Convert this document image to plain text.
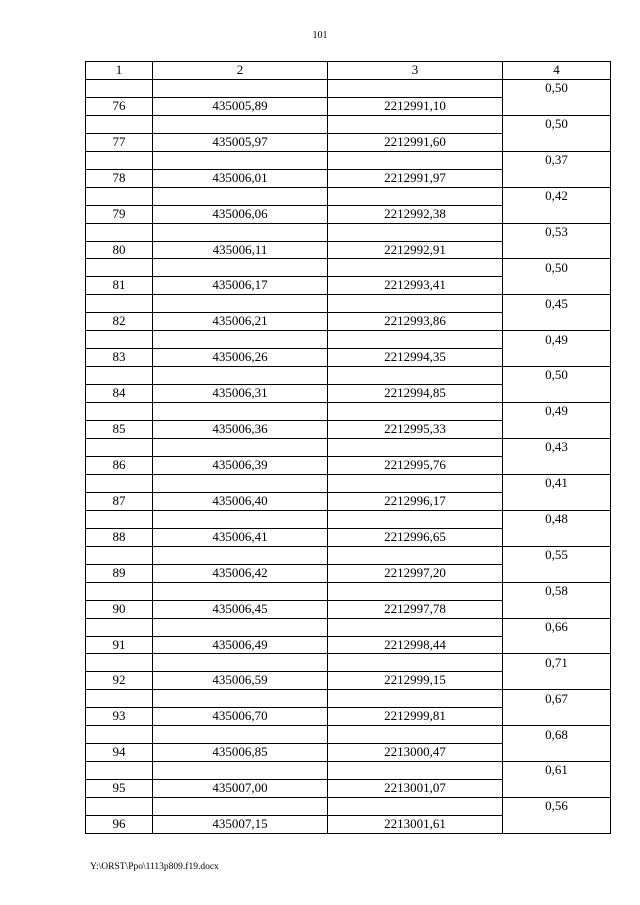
101
1	2	3	4
			0,50
76	435005,89	2212991,10	
			0,50
77	435005,97	2212991,60	
			0,37
78	435006,01	2212991,97	
			0,42
79	435006,06	2212992,38	
			0,53
80	435006,11	2212992,91	
			0,50
81	435006,17	2212993,41	
			0,45
82	435006,21	2212993,86	
			0,49
83	435006,26	2212994,35	
			0,50
84	435006,31	2212994,85	
			0,49
85	435006,36	2212995,33	
			0,43
86	435006,39	2212995,76	
			0,41
87	435006,40	2212996,17	
			0,48
88	435006,41	2212996,65	
			0,55
89	435006,42	2212997,20	
			0,58
90	435006,45	2212997,78	
			0,66
91	435006,49	2212998,44	
			0,71
92	435006,59	2212999,15	
			0,67
93	435006,70	2212999,81	
			0,68
94	435006,85	2213000,47	
			0,61
95	435007,00	2213001,07	
			0,56
96	435007,15	2213001,61	
Y:\ORST\Ppo\1113p809.f19.docx
